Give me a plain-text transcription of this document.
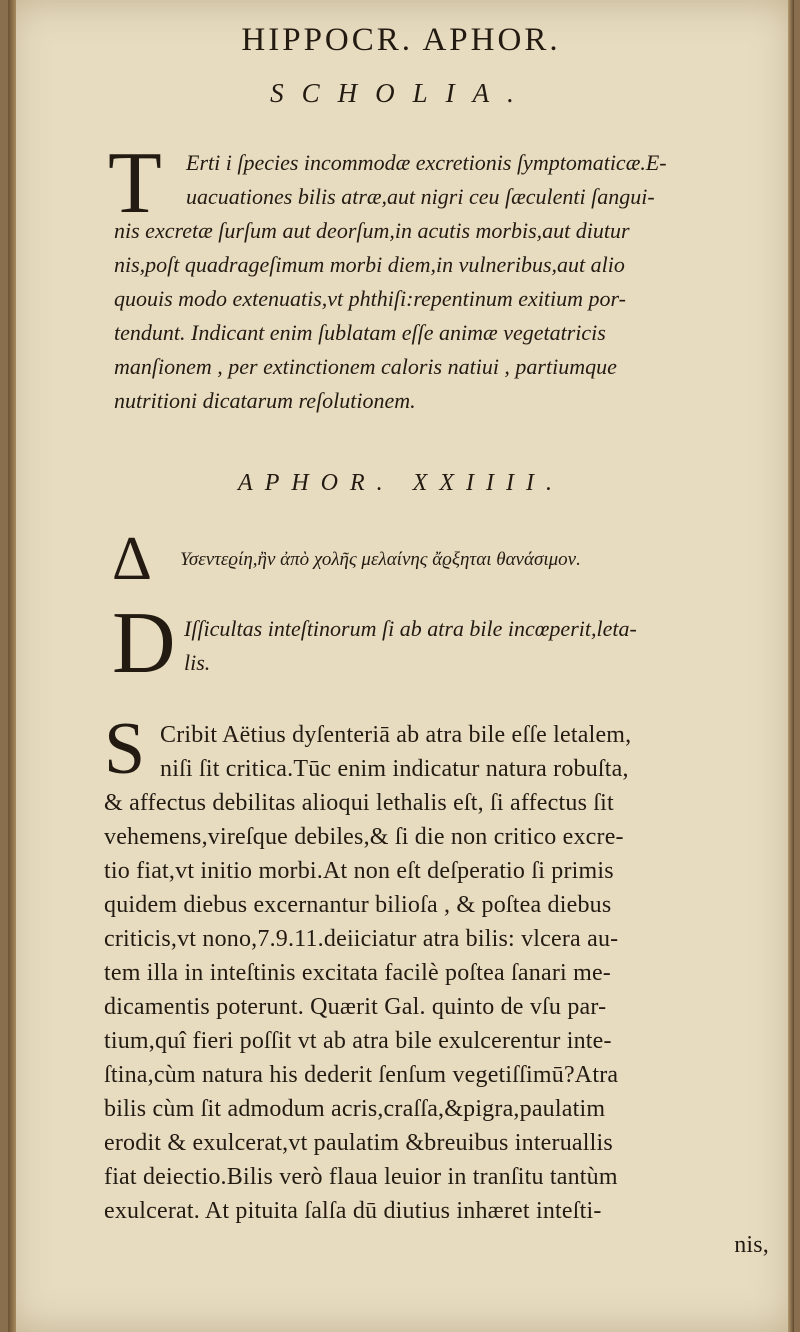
HIPPOCR. APHOR.
SCHOLIA.
T Erti i ſpecies incommodæ excretionis ſymptomaticæ.E-
uacuationes bilis atræ,aut nigri ceu ſæculenti ſangui-
nis excretæ ſurſum aut deorſum,in acutis morbis,aut diutur
nis,poſt quadrageſimum morbi diem,in vulneribus,aut alio
quouis modo extenuatis,vt phthiſi:repentinum exitium por-
tendunt. Indicant enim ſublatam eſſe animæ vegetatricis
manſionem , per extinctionem caloris natiui , partiumque
nutritioni dicatarum reſolutionem.
APHOR. XXIIII.
Δ Υσεντεϱίη,ἢν ἀπὸ χολῆς μελαίνης ἄϱξηται θανάσιμον.
D Iſſicultas inteſtinorum ſi ab atra bile incœperit,leta-
lis.
S Cribit Aëtius dyſenteriā ab atra bile eſſe letalem,
niſi ſit critica.Tūc enim indicatur natura robuſta,
& affectus debilitas alioqui lethalis eſt, ſi affectus ſit
vehemens,vireſque debiles,& ſi die non critico excre-
tio fiat,vt initio morbi.At non eſt deſperatio ſi primis
quidem diebus excernantur bilioſa , & poſtea diebus
criticis,vt nono,7.9.11.deiiciatur atra bilis: vlcera au-
tem illa in inteſtinis excitata facilè poſtea ſanari me-
dicamentis poterunt. Quærit Gal. quinto de vſu par-
tium,quî fieri poſſit vt ab atra bile exulcerentur inte-
ſtina,cùm natura his dederit ſenſum vegetiſſimū?Atra
bilis cùm ſit admodum acris,craſſa,&pigra,paulatim
erodit & exulcerat,vt paulatim &breuibus interuallis
fiat deiectio.Bilis verò flaua leuior in tranſitu tantùm
exulcerat. At pituita ſalſa dū diutius inhæret inteſti-
nis,
